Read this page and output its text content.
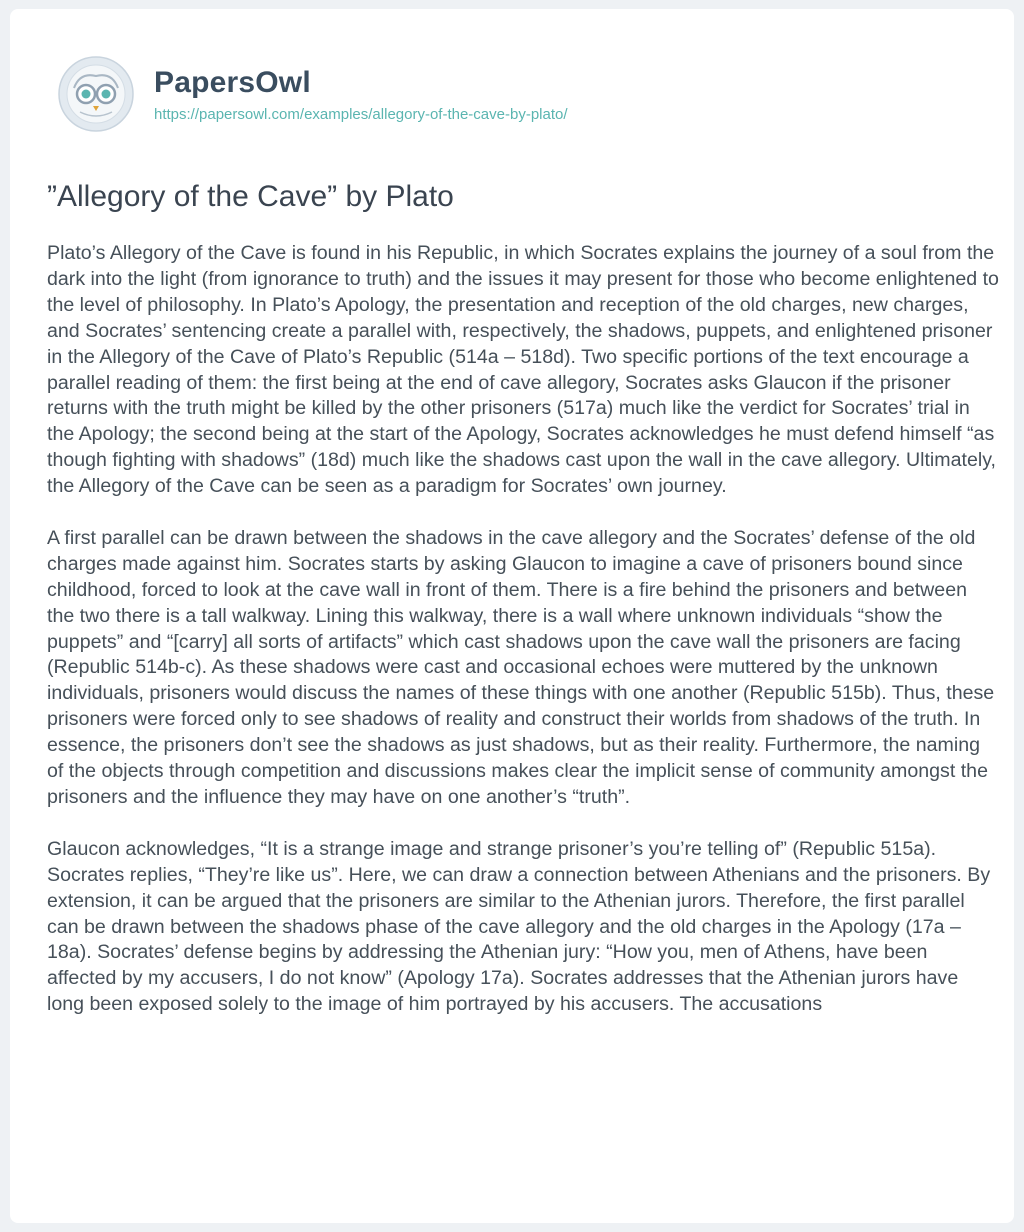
PapersOwl
https://papersowl.com/examples/allegory-of-the-cave-by-plato/
”Allegory of the Cave” by Plato

Plato’s Allegory of the Cave is found in his Republic, in which Socrates explains the journey of a soul from the dark into the light (from ignorance to truth) and the issues it may present for those who become enlightened to the level of philosophy. In Plato’s Apology, the presentation and reception of the old charges, new charges, and Socrates’ sentencing create a parallel with, respectively, the shadows, puppets, and enlightened prisoner in the Allegory of the Cave of Plato’s Republic (514a – 518d). Two specific portions of the text encourage a parallel reading of them: the first being at the end of cave allegory, Socrates asks Glaucon if the prisoner returns with the truth might be killed by the other prisoners (517a) much like the verdict for Socrates’ trial in the Apology; the second being at the start of the Apology, Socrates acknowledges he must defend himself “as though fighting with shadows” (18d) much like the shadows cast upon the wall in the cave allegory. Ultimately, the Allegory of the Cave can be seen as a paradigm for Socrates’ own journey.

A first parallel can be drawn between the shadows in the cave allegory and the Socrates’ defense of the old charges made against him. Socrates starts by asking Glaucon to imagine a cave of prisoners bound since childhood, forced to look at the cave wall in front of them. There is a fire behind the prisoners and between the two there is a tall walkway. Lining this walkway, there is a wall where unknown individuals “show the puppets” and “[carry] all sorts of artifacts” which cast shadows upon the cave wall the prisoners are facing (Republic 514b-c). As these shadows were cast and occasional echoes were muttered by the unknown individuals, prisoners would discuss the names of these things with one another (Republic 515b). Thus, these prisoners were forced only to see shadows of reality and construct their worlds from shadows of the truth. In essence, the prisoners don’t see the shadows as just shadows, but as their reality. Furthermore, the naming of the objects through competition and discussions makes clear the implicit sense of community amongst the prisoners and the influence they may have on one another’s “truth”.

Glaucon acknowledges, “It is a strange image and strange prisoner’s you’re telling of” (Republic 515a). Socrates replies, “They’re like us”. Here, we can draw a connection between Athenians and the prisoners. By extension, it can be argued that the prisoners are similar to the Athenian jurors. Therefore, the first parallel can be drawn between the shadows phase of the cave allegory and the old charges in the Apology (17a – 18a). Socrates’ defense begins by addressing the Athenian jury: “How you, men of Athens, have been affected by my accusers, I do not know” (Apology 17a). Socrates addresses that the Athenian jurors have long been exposed solely to the image of him portrayed by his accusers. The accusations
